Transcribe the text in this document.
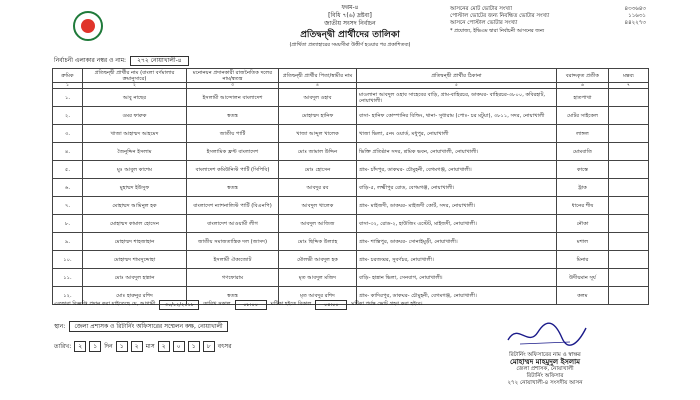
ফরম-৪
[বিধি ৭(৬) দ্রষ্টব্য]
জাতীয় সংসদ নির্বাচন
প্রতিদ্বন্দ্বী প্রার্থীদের তালিকা
(প্রার্থিতা প্রত্যাহারের সময়সীমা উত্তীর্ণ হওয়ার পর প্রকাশিতব্য)
আসনের মোট ভোটার সংখ্যা	৪৩৩৬৪৩
পোস্টাল ভোটের জন্য নিবন্ধিত ভোটার সংখ্যা	১১৬৩১
আসনে পোস্টাল ভোটার সংখ্যা	৪৪২২৭৩
* প্রযোজ্য, ইভিএম দ্বারা নির্বাচনী আসনের জন্য
নির্বাচনী এলাকার নম্বর ও নাম:	২৭২ নোয়াখালী-৪
ক্রমিক	প্রতিদ্বন্দ্বী প্রার্থীর নাম (বাংলা বর্ণমালার ক্রমানুসারে)	মনোনয়ন প্রদানকারী রাজনৈতিক দলের নাম/স্বতন্ত্র	প্রতিদ্বন্দ্বী প্রার্থীর পিতা/স্বামীর নাম	প্রতিদ্বন্দ্বী প্রার্থীর ঠিকানা	বরাদ্দকৃত প্রতীক	মন্তব্য
১	২	৩	৪	৫	৬	৭
১.	আবু নাছের	ইসলামী আন্দোলন বাংলাদেশ	আবদুল ওহাব	মাওলানা আবদুল ওহাব সাহেবের বাড়ি, গ্রাম-বাহিরচর, ডাকঘর- বাহিরচর-৩৮০০, কবিরহাট, নোয়াখালী।	হাতপাখা	
২.	ওমর ফারুক	স্বতন্ত্র	মোহাম্মদ হানিফ	বাসা- হানিফ কোম্পানির বিল্ডিং, থানা- সুধারাম (পোঃ- চর মটুয়া), ৩৮১১, সদর, নোয়াখালী	মোটর সাইকেল	
৩.	খাজা আহাম্মদ আহমেদ	জাতীয় পার্টি	খাজা আব্দুল খালেক	খাজা ভিলা, ৫নং ওয়ার্ড, মধুপুর, নোয়াখালী	লাঙ্গল	
৪.	জৈনুদ্দিন ইসলাম	ইসলামিক ফ্রন্ট বাংলাদেশ	মোঃ জামাল উদ্দিন	ভিক্তি প্রতিষ্ঠান সদর, শ্রমিক ভবন, নোয়াখালী, নোয়াখালী।	মোমবাতি	
৫.	মুঃ আবুল কাশেম	বাংলাদেশ কমিউনিস্ট পার্টি (সিপিবি)	মোঃ হোসেন	গ্রাম- চাঁদপুর, ডাকঘর- চৌমুহনী, বেগমগঞ্জ, নোয়াখালী।	কাস্তে	
৬.	মুহাম্মদ ইউসুফ	স্বতন্ত্র	আবদুর রব	বাড়ি-৫, লক্ষ্মীপুর রোড, বেগমগঞ্জ, নোয়াখালী।	ট্রাক	
৭.	মোহাম্মদ আমিনুল হক	বাংলাদেশ ন্যাশনালিস্ট পার্টি (বিএনপি)	আবদুল খালেক	গ্রাম- মাইজদী, ডাকঘর- মাইজদী কোর্ট, সদর, নোয়াখালী।	ধানের শীষ	
৮.	মোহাম্মদ কামাল হোসেন	বাংলাদেশ আওয়ামী লীগ	আবদুল আজিজ	বাসা-৩২, রোড-২, হাউজিং এস্টেট, মাইজদী, নোয়াখালী।	নৌকা	
৯.	মোহাম্মদ শাহজাহান	জাতীয় সমাজতান্ত্রিক দল (জাসদ)	মোঃ ছিদ্দিক উল্যাহ	গ্রাম- শান্তিপুর, ডাকঘর- সোনাইমুড়ী, নোয়াখালী।	মশাল	
১০.	মোহাম্মদ শামসুদ্দোহা	ইসলামী ঐক্যজোট	মৌলভী আবদুল হক	গ্রাম- চরজব্বর, সুবর্ণচর, নোয়াখালী।	মিনার	
১১.	মোঃ আবদুল হান্নান	গণফোরাম	মৃত আবদুল মজিদ	বাড়ি- হান্নান ভিলা, সেনবাগ, নোয়াখালী।	উদীয়মান সূর্য	
১২.	মোঃ হারুনুর রশিদ	স্বতন্ত্র	মৃত আবদুর রশিদ	গ্রাম- কাদিরপুর, ডাকঘর- চৌমুহনী, বেগমগঞ্জ, নোয়াখালী।	কলম	
এতদ্বারা বিজ্ঞপ্তি প্রদান করা যাইতেছে যে, আগামী	৩০/১২/২০১৮	তারিখ সকাল	০৮:০০	ঘটিকা হইতে বিকাল	০৪:০০	ঘটিকা পর্যন্ত ভোট গ্রহণ করা হইবে।
স্থান:	জেলা প্রশাসক ও রিটার্নিং অফিসারের সম্মেলন কক্ষ, নোয়াখালী
তারিখ:	২	১	দিন	১	২	মাস	২	০	১	৮	বৎসর
রিটার্নিং অফিসারের নাম ও স্বাক্ষর
মোহাম্মদ মাহমুদুল ইসলাম
জেলা প্রশাসক, নোয়াখালী
রিটার্নিং অফিসার
২৭২ নোয়াখালী-৪ সংসদীয় আসন
